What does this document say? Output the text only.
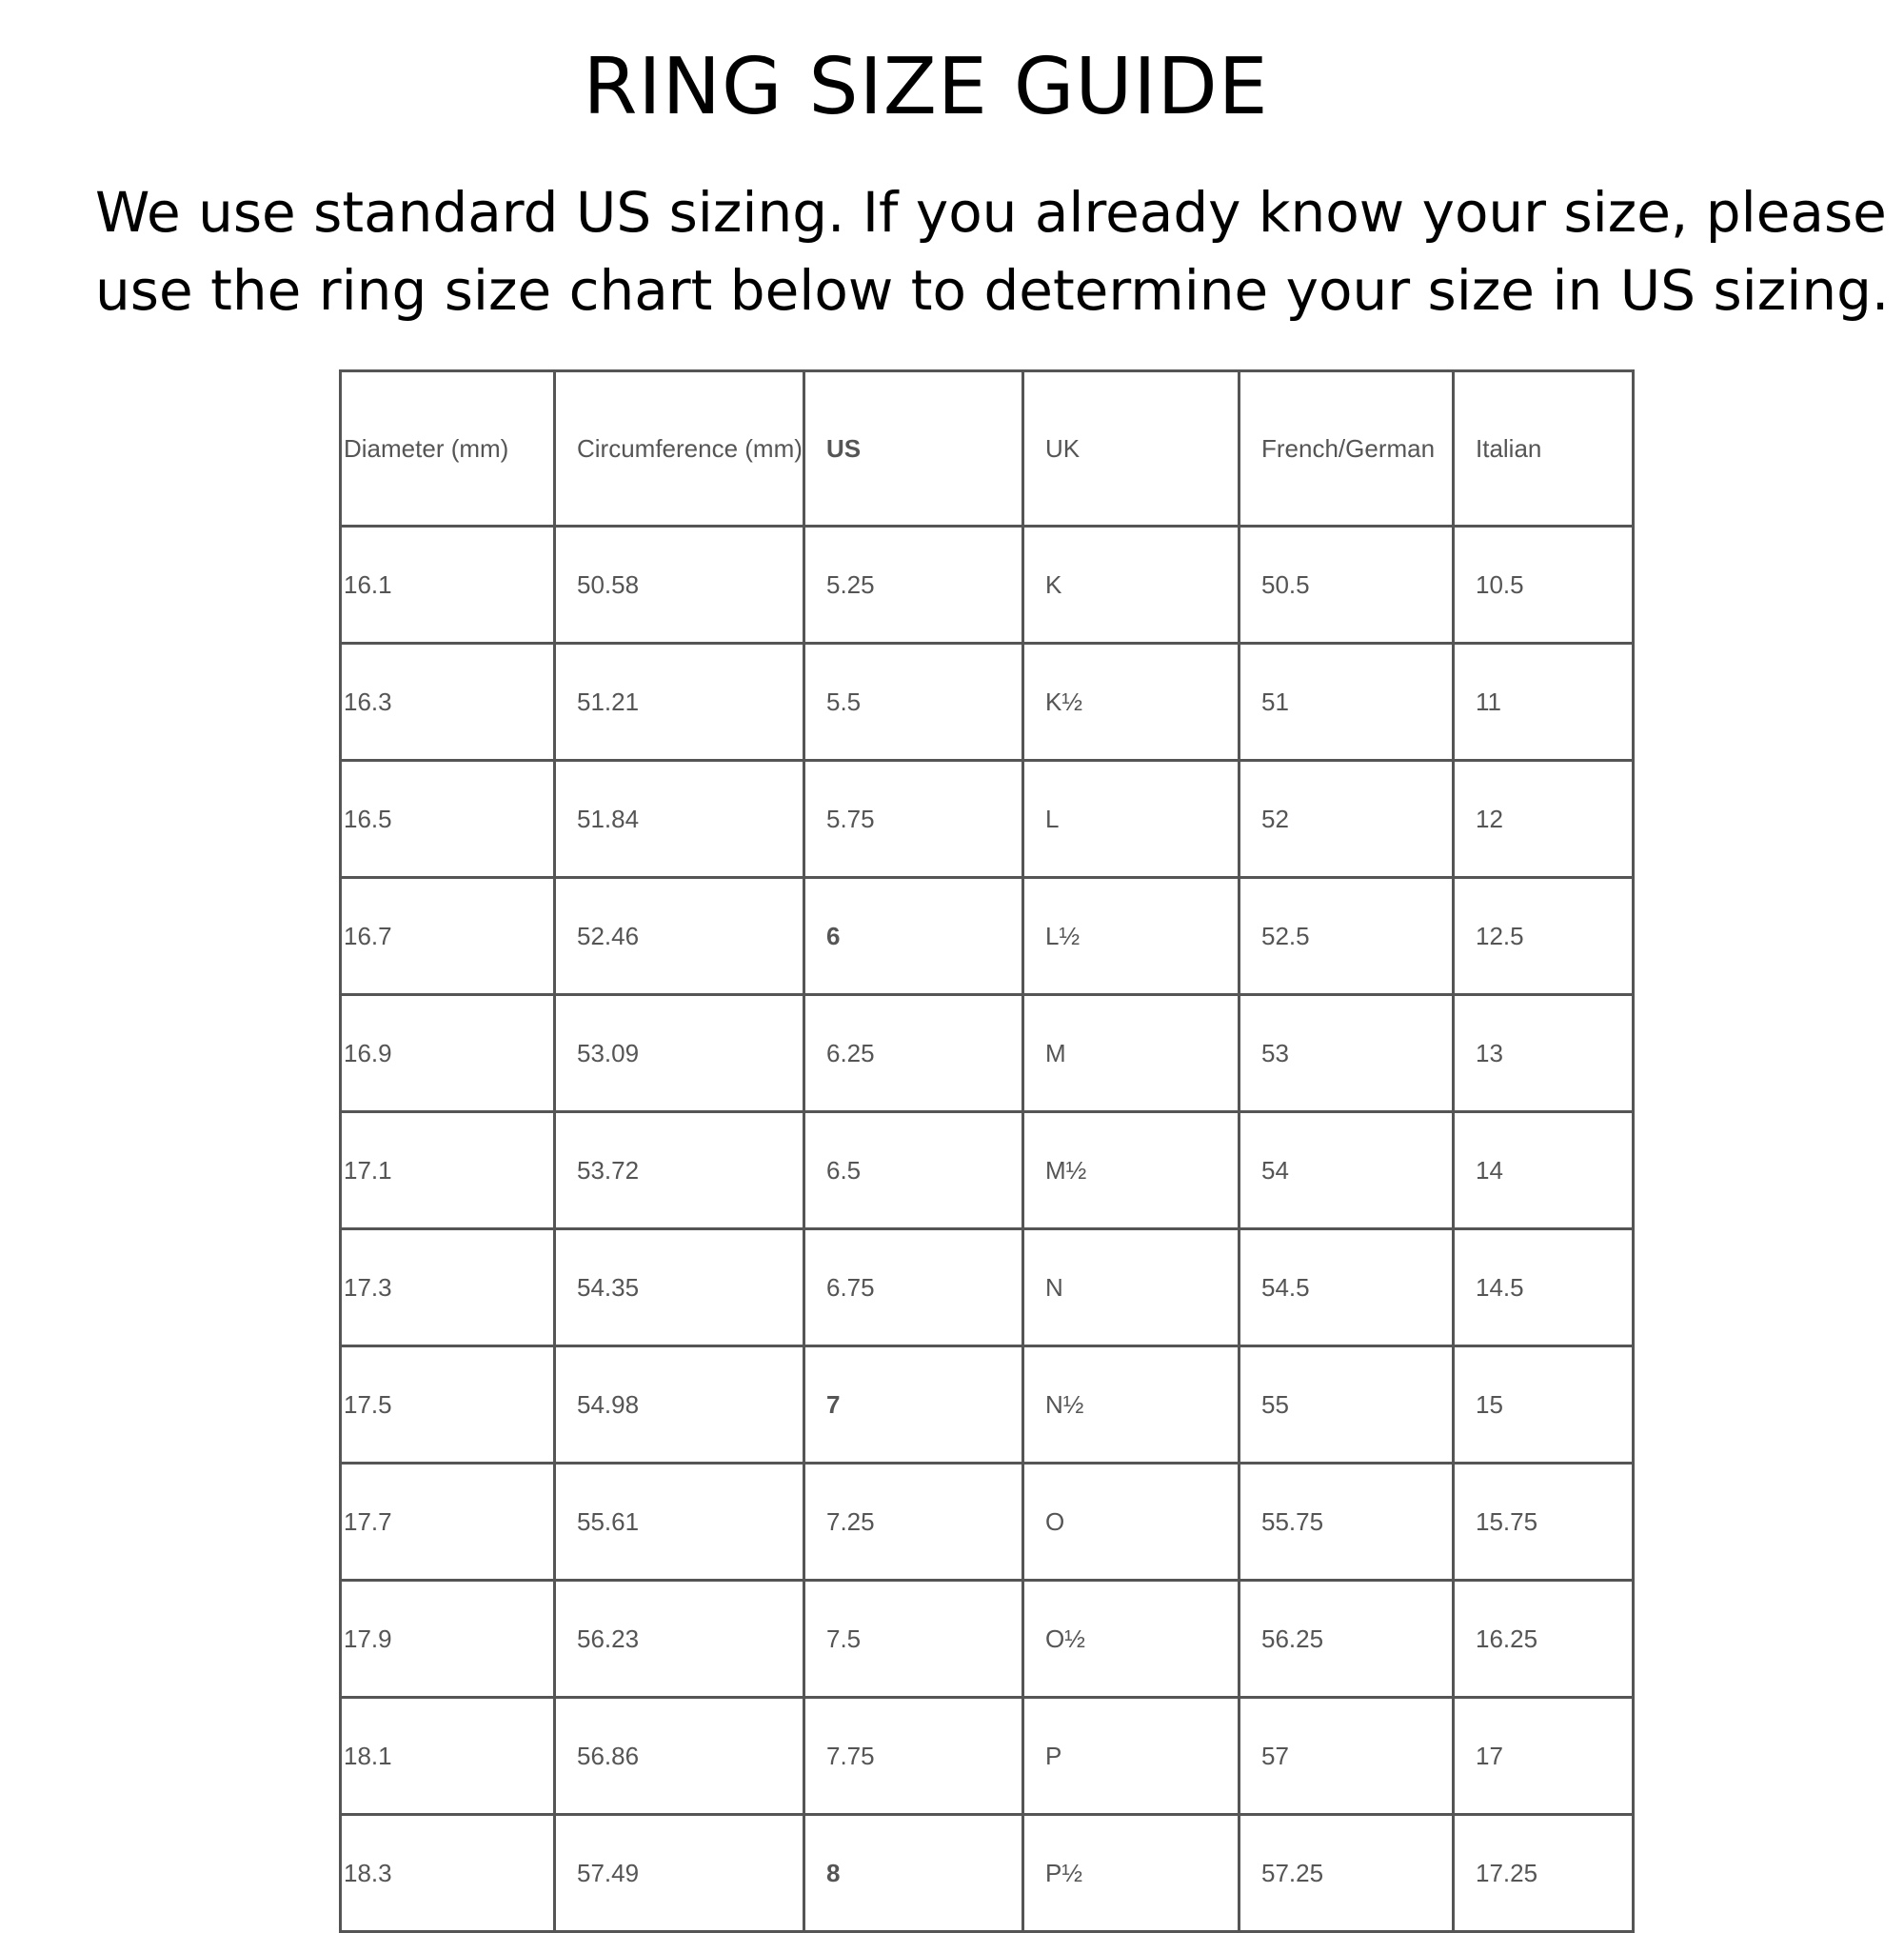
RING SIZE GUIDE

We use standard US sizing. If you already know your size, please
use the ring size chart below to determine your size in US sizing.

Diameter (mm)	Circumference (mm)	US	UK	French/German	Italian
16.1	50.58	5.25	K	50.5	10.5
16.3	51.21	5.5	K½	51	11
16.5	51.84	5.75	L	52	12
16.7	52.46	6	L½	52.5	12.5
16.9	53.09	6.25	M	53	13
17.1	53.72	6.5	M½	54	14
17.3	54.35	6.75	N	54.5	14.5
17.5	54.98	7	N½	55	15
17.7	55.61	7.25	O	55.75	15.75
17.9	56.23	7.5	O½	56.25	16.25
18.1	56.86	7.75	P	57	17
18.3	57.49	8	P½	57.25	17.25
